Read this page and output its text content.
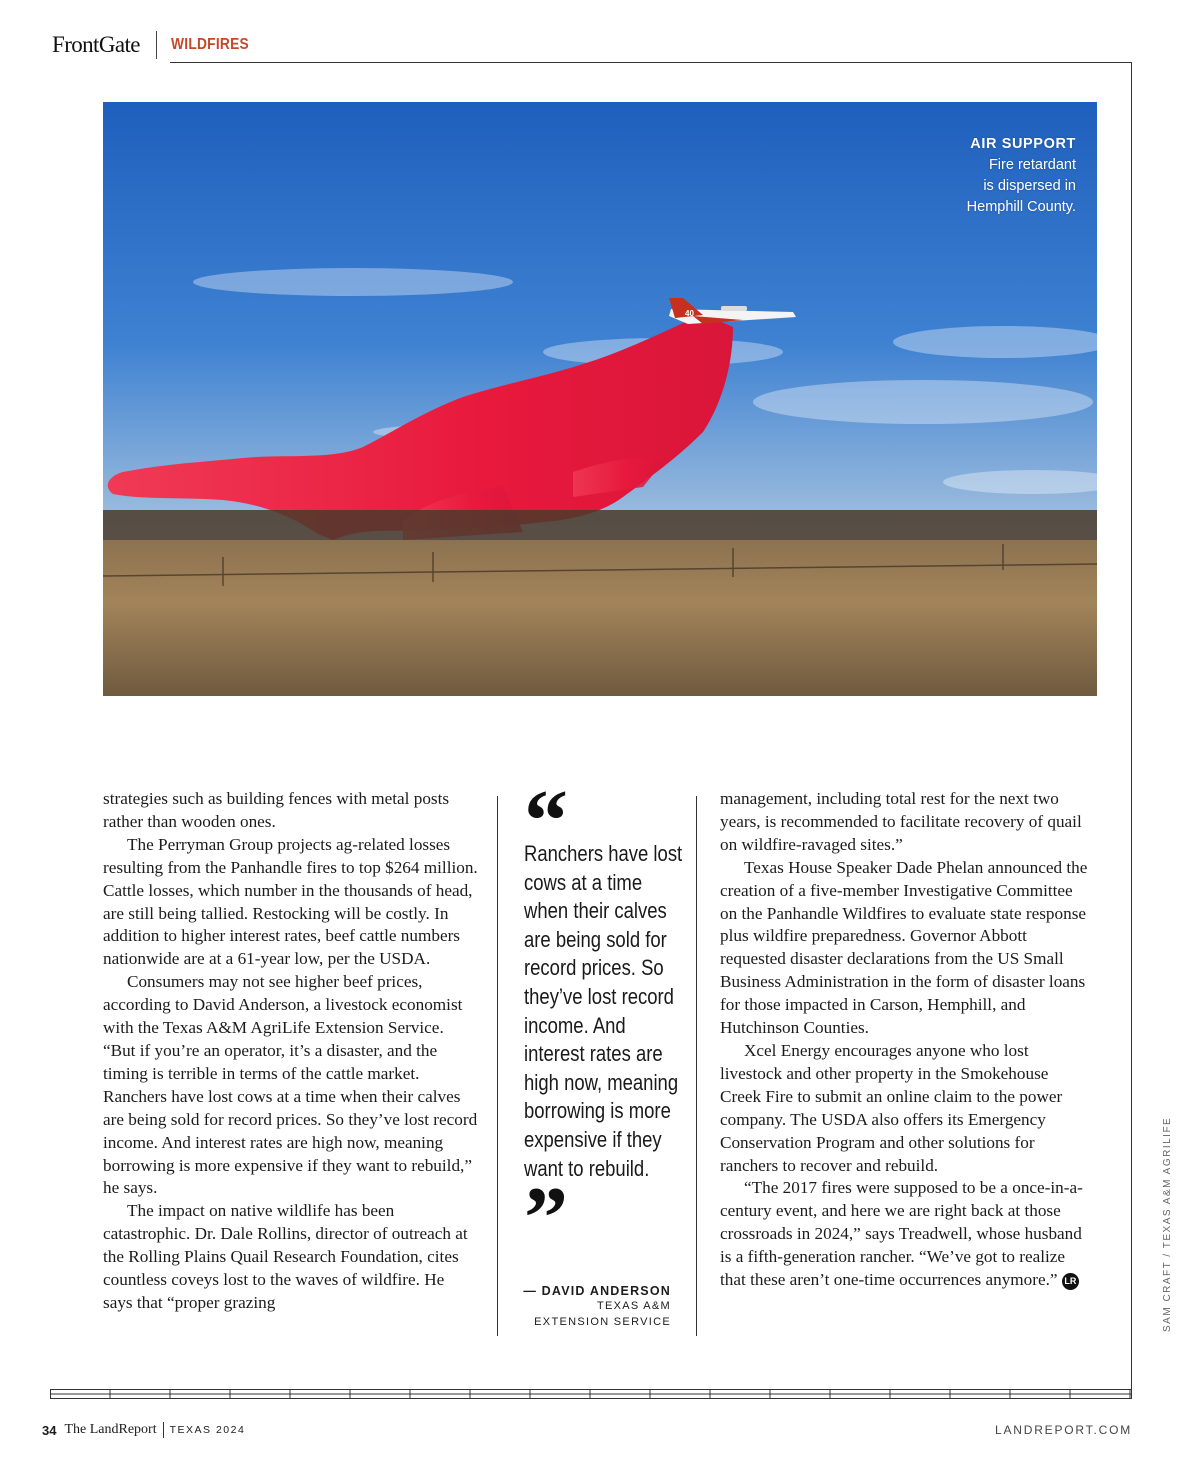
FrontGate WILDFIRES
40
AIR SUPPORT
Fire retardant
is dispersed in
Hemphill County.

strategies such as building fences with metal posts rather than wooden ones.

The Perryman Group projects ag-related losses resulting from the Panhandle fires to top $264 million. Cattle losses, which number in the thousands of head, are still being tallied. Restocking will be costly. In addition to higher interest rates, beef cattle numbers nationwide are at a 61-year low, per the USDA.

Consumers may not see higher beef prices, according to David Anderson, a livestock economist with the Texas A&M AgriLife Extension Service. “But if you’re an operator, it’s a disaster, and the timing is terrible in terms of the cattle market. Ranchers have lost cows at a time when their calves are being sold for record prices. So they’ve lost record income. And interest rates are high now, meaning borrowing is more expensive if they want to rebuild,” he says.

The impact on native wildlife has been catastrophic. Dr. Dale Rollins, director of outreach at the Rolling Plains Quail Research Foundation, cites countless coveys lost to the waves of wildfire. He says that “proper grazing

“
Ranchers have lost cows at a time when their calves are being sold for record prices. So they’ve lost record income. And interest rates are high now, meaning borrowing is more expensive if they want to rebuild.
”
— DAVID ANDERSON
TEXAS A&M
EXTENSION SERVICE

management, including total rest for the next two years, is recommended to facilitate recovery of quail on wildfire-ravaged sites.”

Texas House Speaker Dade Phelan announced the creation of a five-member Investigative Committee on the Panhandle Wildfires to evaluate state response plus wildfire preparedness. Governor Abbott requested disaster declarations from the US Small Business Administration in the form of disaster loans for those impacted in Carson, Hemphill, and Hutchinson Counties.

Xcel Energy encourages anyone who lost livestock and other property in the Smokehouse Creek Fire to submit an online claim to the power company. The USDA also offers its Emergency Conservation Program and other solutions for ranchers to recover and rebuild.

“The 2017 fires were supposed to be a once-in-a-century event, and here we are right back at those crossroads in 2024,” says Treadwell, whose husband is a fifth-generation rancher. “We’ve got to realize that these aren’t one-time occurrences anymore.” LR	SAM CRAFT / TEXAS A&M AGRILIFE
34 The LandReport TEXAS 2024	LANDREPORT.COM
